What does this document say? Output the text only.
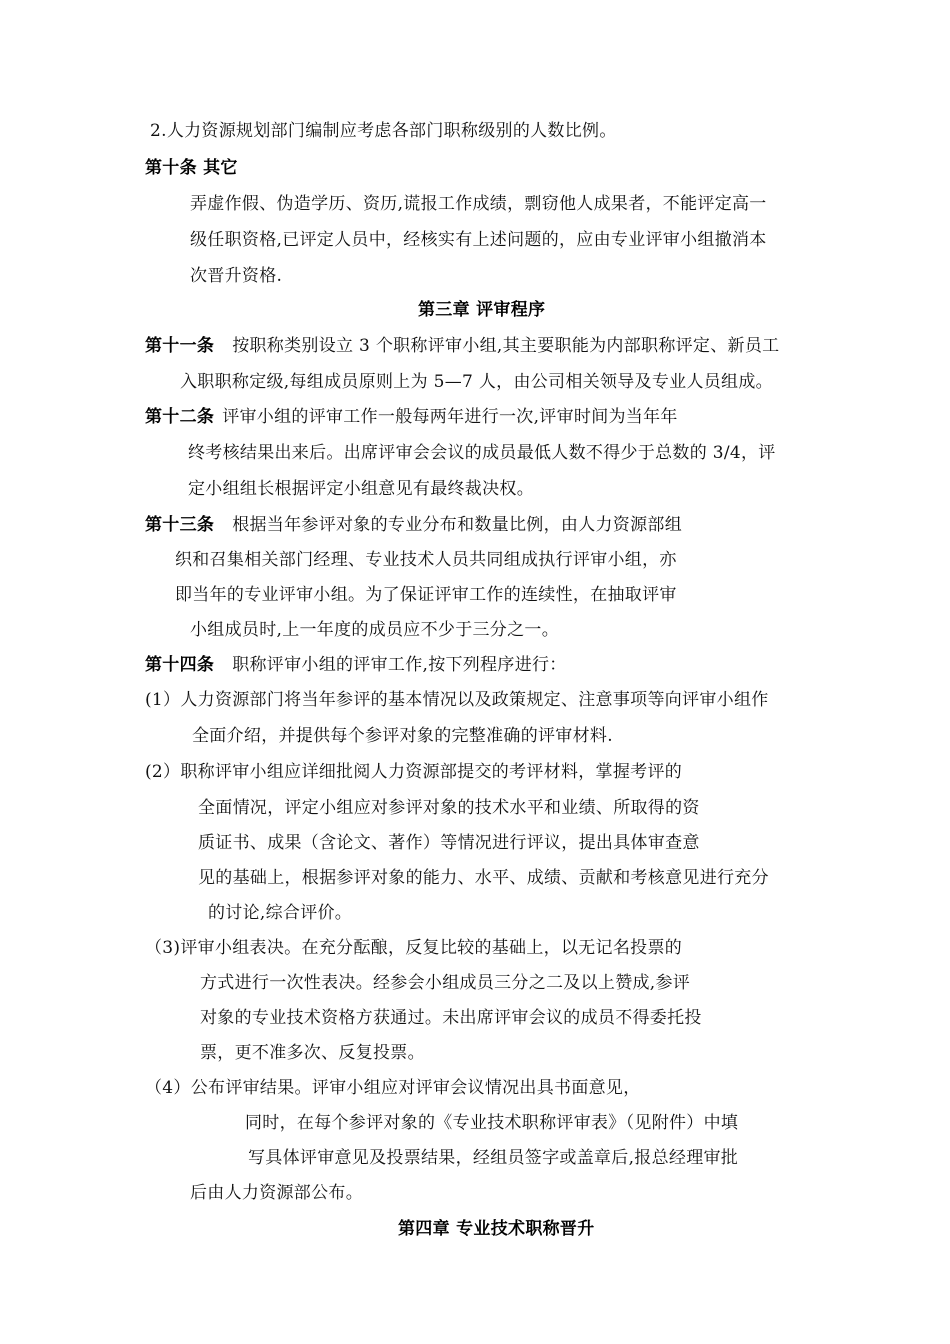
2.人力资源规划部门编制应考虑各部门职称级别的人数比例。
第十条 其它
弄虚作假、伪造学历、资历,谎报工作成绩，剽窃他人成果者，不能评定高一
级任职资格,已评定人员中，经核实有上述问题的，应由专业评审小组撤消本
次晋升资格.
第三章 评审程序
第十一条 按职称类别设立 3 个职称评审小组,其主要职能为内部职称评定、新员工
入职职称定级,每组成员原则上为 5—7 人，由公司相关领导及专业人员组成。
第十二条 评审小组的评审工作一般每两年进行一次,评审时间为当年年
终考核结果出来后。出席评审会会议的成员最低人数不得少于总数的 3/4，评
定小组组长根据评定小组意见有最终裁决权。
第十三条 根据当年参评对象的专业分布和数量比例，由人力资源部组
织和召集相关部门经理、专业技术人员共同组成执行评审小组，亦
即当年的专业评审小组。为了保证评审工作的连续性，在抽取评审
小组成员时,上一年度的成员应不少于三分之一。
第十四条 职称评审小组的评审工作,按下列程序进行：
(1）人力资源部门将当年参评的基本情况以及政策规定、注意事项等向评审小组作
全面介绍，并提供每个参评对象的完整准确的评审材料.
(2）职称评审小组应详细批阅人力资源部提交的考评材料，掌握考评的
全面情况，评定小组应对参评对象的技术水平和业绩、所取得的资
质证书、成果（含论文、著作）等情况进行评议，提出具体审查意
见的基础上，根据参评对象的能力、水平、成绩、贡献和考核意见进行充分
的讨论,综合评价。
（3)评审小组表决。在充分酝酿，反复比较的基础上，以无记名投票的
方式进行一次性表决。经参会小组成员三分之二及以上赞成,参评
对象的专业技术资格方获通过。未出席评审会议的成员不得委托投
票，更不准多次、反复投票。
（4）公布评审结果。评审小组应对评审会议情况出具书面意见，
同时，在每个参评对象的《专业技术职称评审表》（见附件）中填
写具体评审意见及投票结果，经组员签字或盖章后,报总经理审批
后由人力资源部公布。
第四章 专业技术职称晋升
